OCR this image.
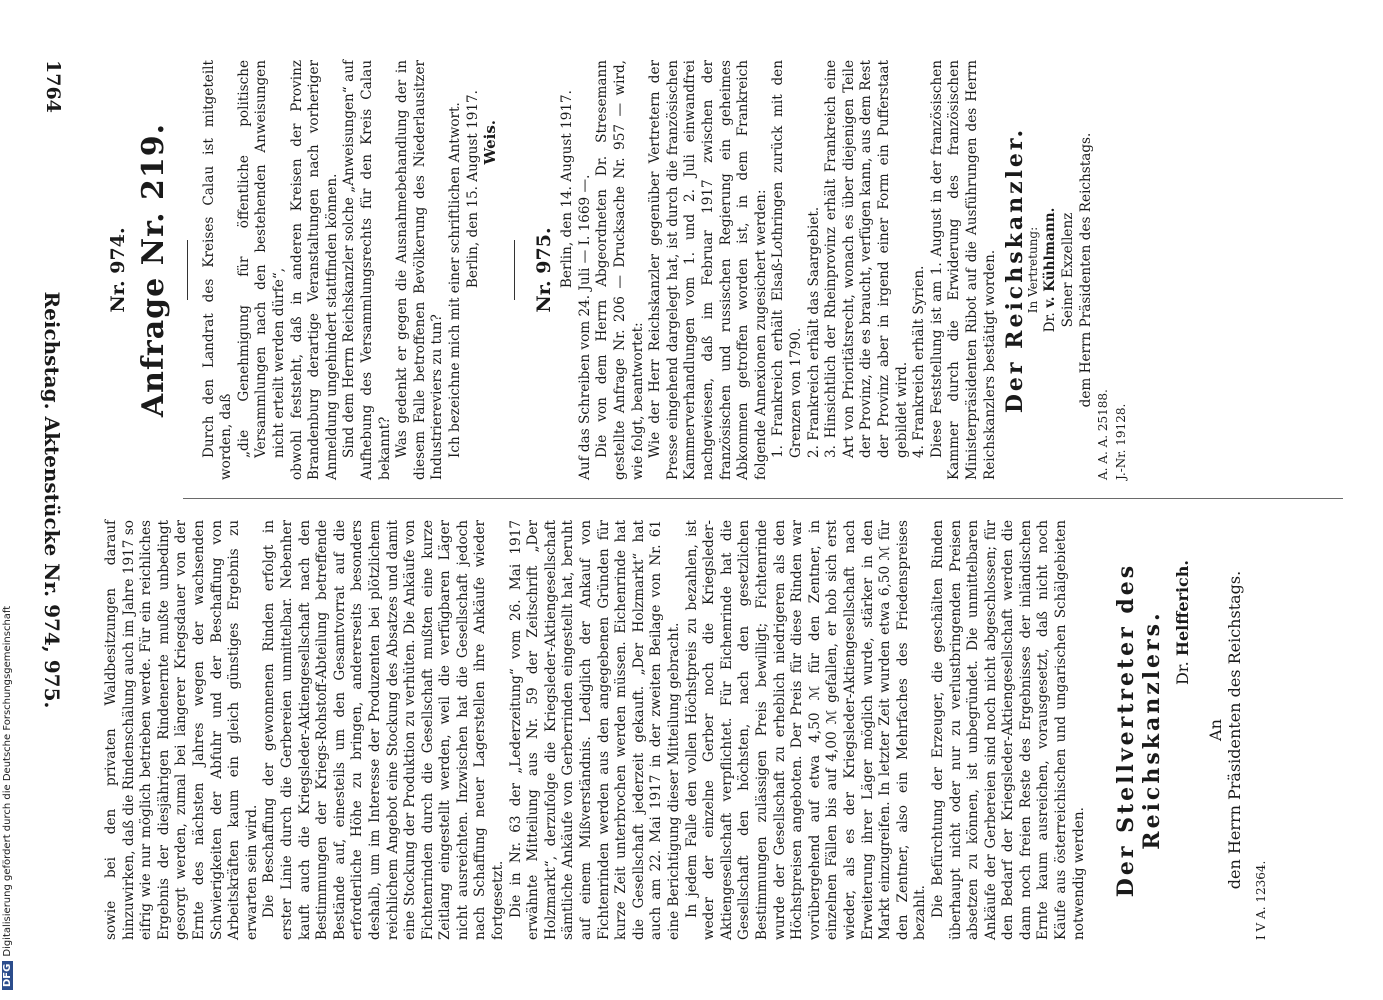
1764
Reichstag. Aktenstücke Nr. 974, 975.

sowie bei den privaten Waldbesitzungen darauf hinzuwirken, daß die Rindenschälung auch im Jahre 1917 so eifrig wie nur möglich betrieben werde. Für ein reichliches Ergebnis der diesjährigen Rindenernte mußte unbedingt gesorgt werden, zumal bei längerer Kriegsdauer von der Ernte des nächsten Jahres wegen der wachsenden Schwierigkeiten der Abfuhr und der Beschaffung von Arbeitskräften kaum ein gleich günstiges Ergebnis zu erwarten sein wird. Die Beschaffung der gewonnenen Rinden erfolgt in erster Linie durch die Gerbereien unmittelbar. Nebenher kauft auch die Kriegsleder-Aktiengesellschaft nach den Bestimmungen der Kriegs-Rohstoff-Abteilung betreffende Bestände auf, einesteils um den Gesamtvorrat auf die erforderliche Höhe zu bringen, andererseits besonders deshalb, um im Interesse der Produzenten bei plötzlichem reichlichem Angebot eine Stockung des Absatzes und damit eine Stockung der Produktion zu verhüten. Die Ankäufe von Fichtenrinden durch die Gesellschaft mußten eine kurze Zeitlang eingestellt werden, weil die verfügbaren Läger nicht ausreichten. Inzwischen hat die Gesellschaft jedoch nach Schaffung neuer Lagerstellen ihre Ankäufe wieder fortgesetzt. Die in Nr. 63 der „Lederzeitung“ vom 26. Mai 1917 erwähnte Mitteilung aus Nr. 59 der Zeitschrift „Der Holzmarkt“, derzufolge die Kriegsleder-Aktiengesellschaft sämtliche Ankäufe von Gerberrinden eingestellt hat, beruht auf einem Mißverständnis. Lediglich der Ankauf von Fichtenrinden werden aus den angegebenen Gründen für kurze Zeit unterbrochen werden müssen. Eichenrinde hat die Gesellschaft jederzeit gekauft. „Der Holzmarkt“ hat auch am 22. Mai 1917 in der zweiten Beilage von Nr. 61 eine Berichtigung dieser Mitteilung gebracht. In jedem Falle den vollen Höchstpreis zu bezahlen, ist weder der einzelne Gerber noch die Kriegsleder-Aktiengesellschaft verpflichtet. Für Eichenrinde hat die Gesellschaft den höchsten, nach den gesetzlichen Bestimmungen zulässigen Preis bewilligt; Fichtenrinde wurde der Gesellschaft zu erheblich niedrigeren als den Höchstpreisen angeboten. Der Preis für diese Rinden war vorübergehend auf etwa 4,50 ℳ für den Zentner, in einzelnen Fällen bis auf 4,00 ℳ gefallen, er hob sich erst wieder, als es der Kriegsleder-Aktiengesellschaft nach Erweiterung ihrer Läger möglich wurde, stärker in den Markt einzugreifen. In letzter Zeit wurden etwa 6,50 ℳ für den Zentner, also ein Mehrfaches des Friedenspreises bezahlt. Die Befürchtung der Erzeuger, die geschälten Rinden überhaupt nicht oder nur zu verlustbringenden Preisen absetzen zu können, ist unbegründet. Die unmittelbaren Ankäufe der Gerbereien sind noch nicht abgeschlossen; für den Bedarf der Kriegsleder-Aktiengesellschaft werden die dann noch freien Reste des Ergebnisses der inländischen Ernte kaum ausreichen, vorausgesetzt, daß nicht noch Käufe aus österreichischen und ungarischen Schälgebieten notwendig werden. Der Stellvertreter des Reichskanzlers. Dr. Helfferich.
An den Herrn Präsidenten des Reichstags.
I V A. 12364.
Nr. 974. Anfrage Nr. 219. Durch den Landrat des Kreises Calau ist mitgeteilt worden, daß „die Genehmigung für öffentliche politische Versammlungen nach den bestehenden Anweisungen nicht erteilt werden dürfe“, obwohl feststeht, daß in anderen Kreisen der Provinz Brandenburg derartige Veranstaltungen nach vorheriger Anmeldung ungehindert stattfinden können. Sind dem Herrn Reichskanzler solche „Anweisungen“ auf Aufhebung des Versammlungsrechts für den Kreis Calau bekannt? Was gedenkt er gegen die Ausnahmebehandlung der in diesem Falle betroffenen Bevölkerung des Niederlausitzer Industriereviers zu tun? Ich bezeichne mich mit einer schriftlichen Antwort. Berlin, den 15. August 1917. Weis.

Nr. 975. Berlin, den 14. August 1917. Auf das Schreiben vom 24. Juli — I. 1669 —. Die von dem Herrn Abgeordneten Dr. Stresemann gestellte Anfrage Nr. 206 — Drucksache Nr. 957 — wird, wie folgt, beantwortet: Wie der Herr Reichskanzler gegenüber Vertretern der Presse eingehend dargelegt hat, ist durch die französischen Kammerverhandlungen vom 1. und 2. Juli einwandfrei nachgewiesen, daß im Februar 1917 zwischen der französischen und russischen Regierung ein geheimes Abkommen getroffen worden ist, in dem Frankreich folgende Annexionen zugesichert werden: 1. Frankreich erhält Elsaß-Lothringen zurück mit den Grenzen von 1790. 2. Frankreich erhält das Saargebiet. 3. Hinsichtlich der Rheinprovinz erhält Frankreich eine Art von Prioritätsrecht, wonach es über diejenigen Teile der Provinz, die es braucht, verfügen kann, aus dem Rest der Provinz aber in irgend einer Form ein Pufferstaat gebildet wird. 4. Frankreich erhält Syrien. Diese Feststellung ist am 1. August in der französischen Kammer durch die Erwiderung des französischen Ministerpräsidenten Ribot auf die Ausführungen des Herrn Reichskanzlers bestätigt worden. Der Reichskanzler.
In Vertretung:
Dr. v. Kühlmann. Seiner Exzellenz dem Herrn Präsidenten des Reichstags.
A. A. A. 25188. J.-Nr. 19128.
DFGDigitalisierung gefördert durch die Deutsche Forschungsgemeinschaft
